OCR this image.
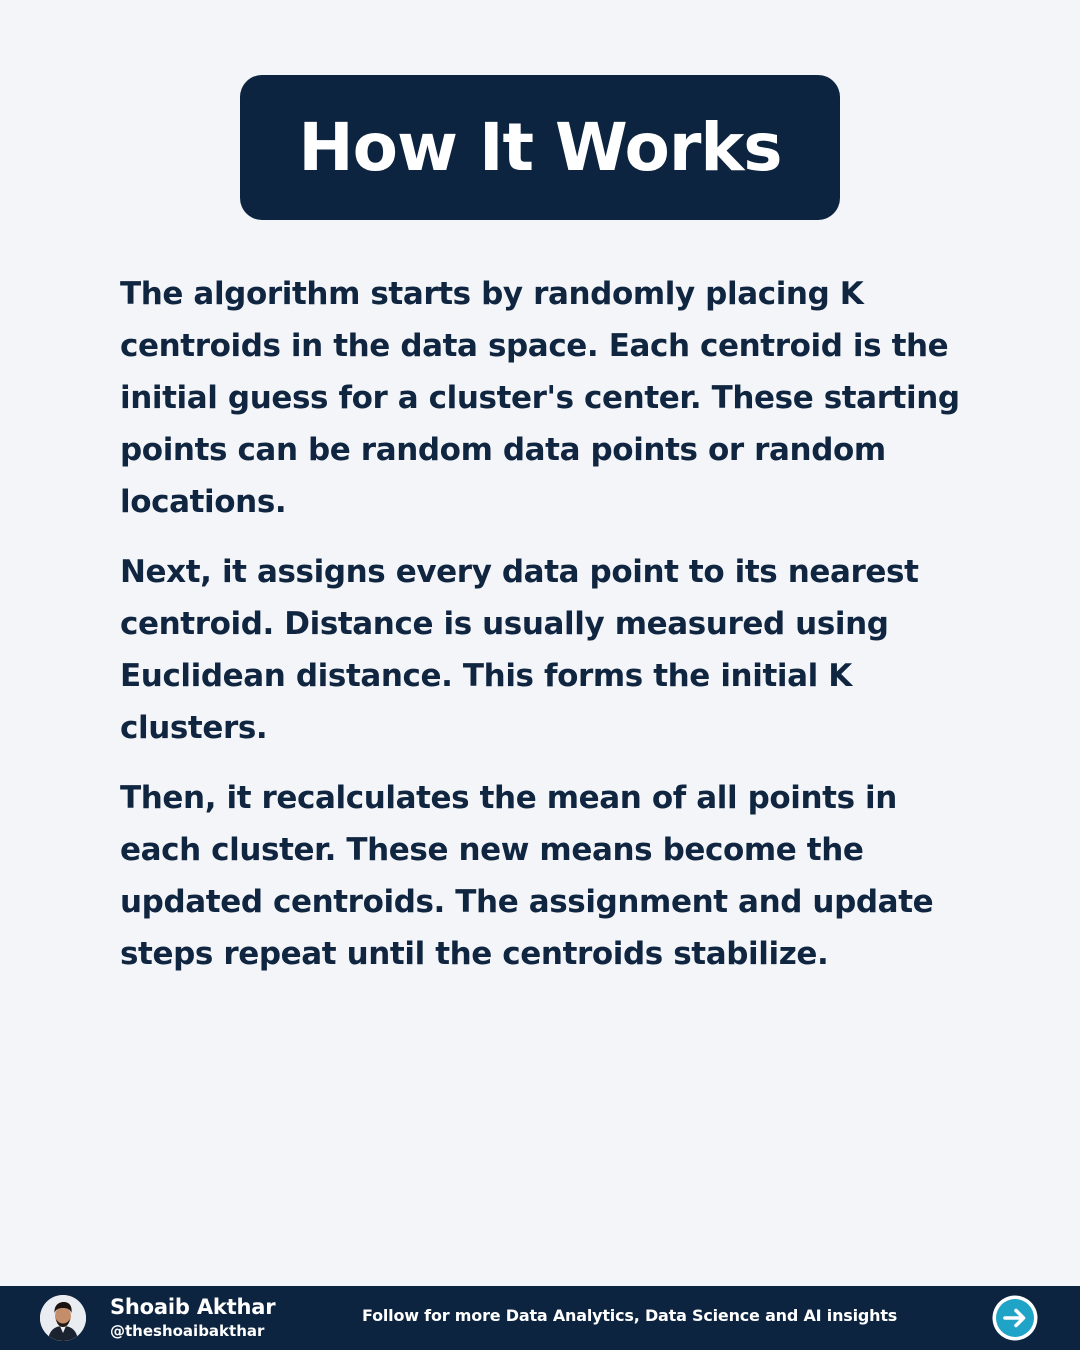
How It Works

The algorithm starts by randomly placing K centroids in the data space. Each centroid is the initial guess for a cluster's center. These starting points can be random data points or random locations.

Next, it assigns every data point to its nearest centroid. Distance is usually measured using Euclidean distance. This forms the initial K clusters.

Then, it recalculates the mean of all points in each cluster. These new means become the updated centroids. The assignment and update steps repeat until the centroids stabilize.

Shoaib Akthar
@theshoaibakthar
Follow for more Data Analytics, Data Science and AI insights
